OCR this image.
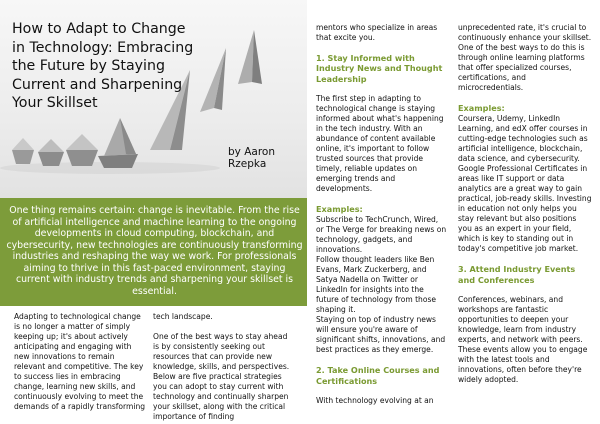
How to Adapt to Change in Technology: Embracing the Future by Staying Current and Sharpening Your Skillset
by Aaron Rzepka

One thing remains certain: change is inevitable. From the rise of artificial intelligence and machine learning to the ongoing developments in cloud computing, blockchain, and cybersecurity, new technologies are continuously transforming industries and reshaping the way we work. For professionals aiming to thrive in this fast-paced environment, staying current with industry trends and sharpening your skillset is essential.

Adapting to technological change is no longer a matter of simply keeping up; it's about actively anticipating and engaging with new innovations to remain relevant and competitive. The key to success lies in embracing change, learning new skills, and continuously evolving to meet the demands of a rapidly transforming

tech landscape.

One of the best ways to stay ahead is by consistently seeking out resources that can provide new knowledge, skills, and perspectives. Below are five practical strategies you can adopt to stay current with technology and continually sharpen your skillset, along with the critical importance of finding

mentors who specialize in areas that excite you.

1. Stay Informed with Industry News and Thought Leadership

The first step in adapting to technological change is staying informed about what's happening in the tech industry. With an abundance of content available online, it's important to follow trusted sources that provide timely, reliable updates on emerging trends and developments.

Examples:

Subscribe to TechCrunch, Wired, or The Verge for breaking news on technology, gadgets, and innovations.

Follow thought leaders like Ben Evans, Mark Zuckerberg, and Satya Nadella on Twitter or LinkedIn for insights into the future of technology from those shaping it.

Staying on top of industry news will ensure you're aware of significant shifts, innovations, and best practices as they emerge.

2. Take Online Courses and Certifications

With technology evolving at an

unprecedented rate, it's crucial to continuously enhance your skillset. One of the best ways to do this is through online learning platforms that offer specialized courses, certifications, and microcredentials.

Examples:

Coursera, Udemy, LinkedIn Learning, and edX offer courses in cutting-edge technologies such as artificial intelligence, blockchain, data science, and cybersecurity.

Google Professional Certificates in areas like IT support or data analytics are a great way to gain practical, job-ready skills. Investing in education not only helps you stay relevant but also positions you as an expert in your field, which is key to standing out in today's competitive job market.

3. Attend Industry Events and Conferences

Conferences, webinars, and workshops are fantastic opportunities to deepen your knowledge, learn from industry experts, and network with peers. These events allow you to engage with the latest tools and innovations, often before they're widely adopted.
